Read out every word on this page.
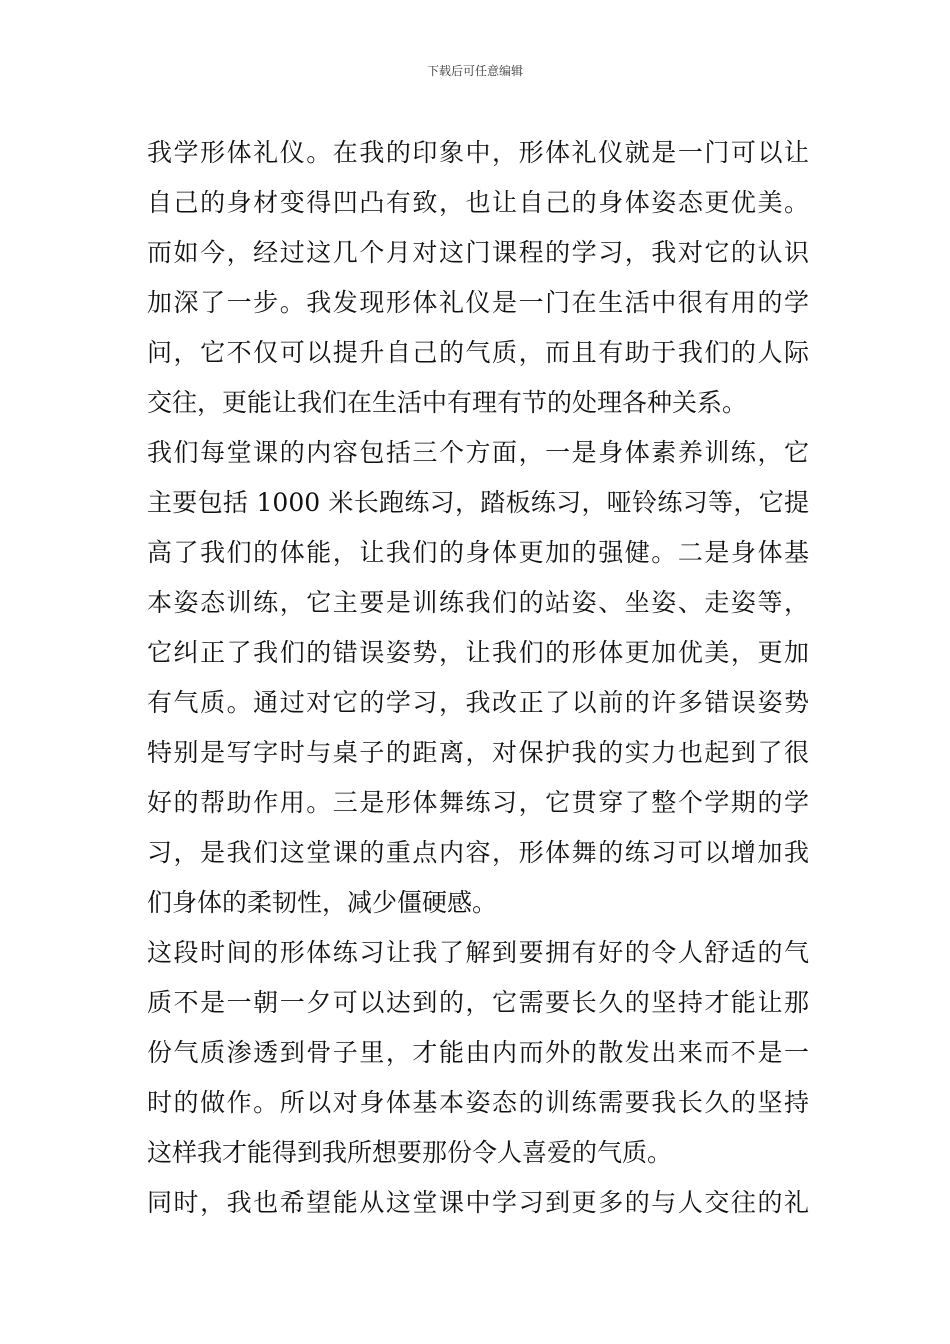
下载后可任意编辑
我学形体礼仪。在我的印象中，形体礼仪就是一门可以让
自己的身材变得凹凸有致，也让自己的身体姿态更优美。
而如今，经过这几个月对这门课程的学习，我对它的认识
加深了一步。我发现形体礼仪是一门在生活中很有用的学
问，它不仅可以提升自己的气质，而且有助于我们的人际
交往，更能让我们在生活中有理有节的处理各种关系。
我们每堂课的内容包括三个方面，一是身体素养训练，它
主要包括 1000 米长跑练习，踏板练习，哑铃练习等，它提
高了我们的体能，让我们的身体更加的强健。二是身体基
本姿态训练，它主要是训练我们的站姿、坐姿、走姿等，
它纠正了我们的错误姿势，让我们的形体更加优美，更加
有气质。通过对它的学习，我改正了以前的许多错误姿势
特别是写字时与桌子的距离，对保护我的实力也起到了很
好的帮助作用。三是形体舞练习，它贯穿了整个学期的学
习，是我们这堂课的重点内容，形体舞的练习可以增加我
们身体的柔韧性，减少僵硬感。
这段时间的形体练习让我了解到要拥有好的令人舒适的气
质不是一朝一夕可以达到的，它需要长久的坚持才能让那
份气质渗透到骨子里，才能由内而外的散发出来而不是一
时的做作。所以对身体基本姿态的训练需要我长久的坚持
这样我才能得到我所想要那份令人喜爱的气质。
同时，我也希望能从这堂课中学习到更多的与人交往的礼
